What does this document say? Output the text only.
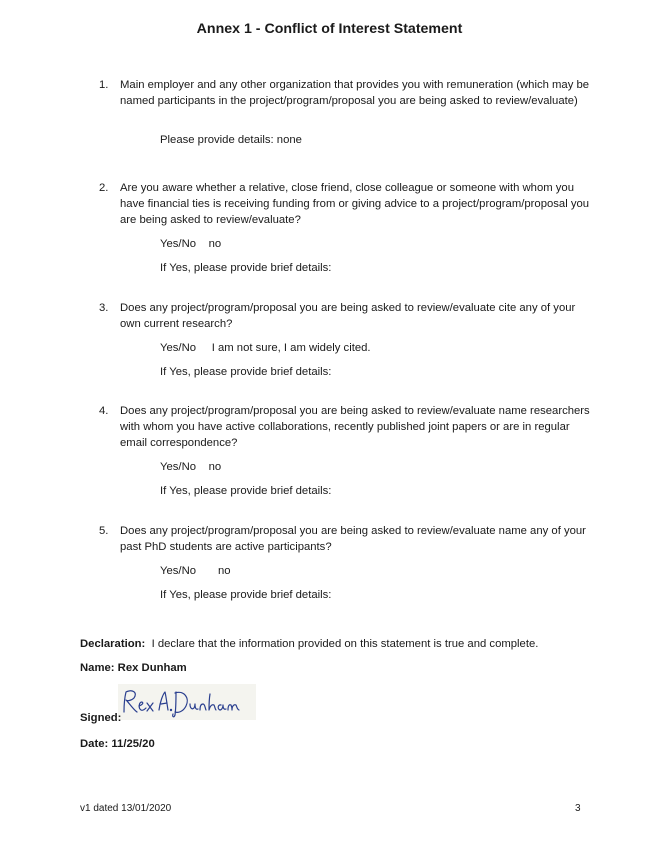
Annex 1 - Conflict of Interest Statement
1. Main employer and any other organization that provides you with remuneration (which may be named participants in the project/program/proposal you are being asked to review/evaluate)
Please provide details: none
2. Are you aware whether a relative, close friend, close colleague or someone with whom you have financial ties is receiving funding from or giving advice to a project/program/proposal you are being asked to review/evaluate?
Yes/No    no
If Yes, please provide brief details:
3. Does any project/program/proposal you are being asked to review/evaluate cite any of your own current research?
Yes/No     I am not sure, I am widely cited.
If Yes, please provide brief details:
4. Does any project/program/proposal you are being asked to review/evaluate name researchers with whom you have active collaborations, recently published joint papers or are in regular email correspondence?
Yes/No    no
If Yes, please provide brief details:
5. Does any project/program/proposal you are being asked to review/evaluate name any of your past PhD students are active participants?
Yes/No       no
If Yes, please provide brief details:
Declaration:  I declare that the information provided on this statement is true and complete.
Name: Rex Dunham
Signed:
Date: 11/25/20
v1 dated 13/01/2020	3
